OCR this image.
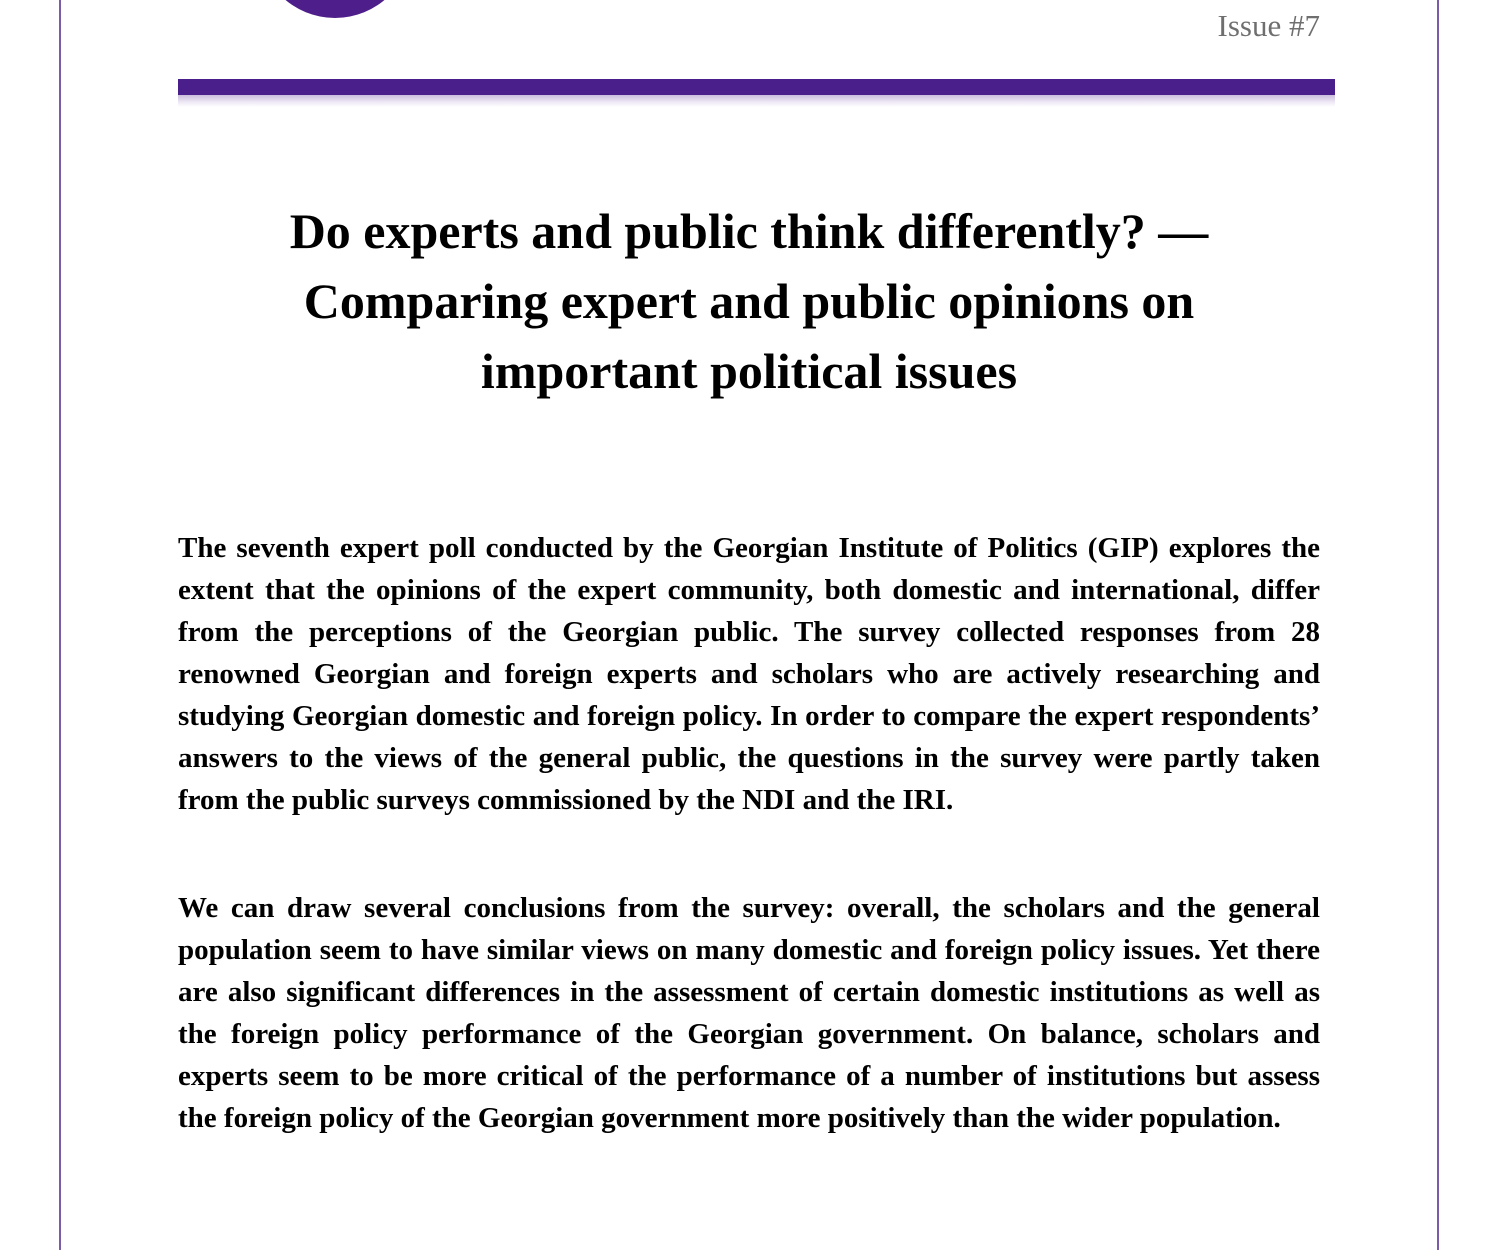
Issue #7
Do experts and public think differently? —
Comparing expert and public opinions on
important political issues

The seventh expert poll conducted by the Georgian Institute of Politics (GIP) explores the extent that the opinions of the expert community, both domestic and international, differ from the perceptions of the Georgian public. The survey collected responses from 28 renowned Georgian and foreign experts and scholars who are actively researching and studying Georgian domestic and foreign policy. In order to compare the expert respondents’ answers to the views of the general public, the questions in the survey were partly taken from the public surveys commissioned by the NDI and the IRI.

We can draw several conclusions from the survey: overall, the scholars and the general population seem to have similar views on many domestic and foreign policy issues. Yet there are also significant differences in the assessment of certain domestic institutions as well as the foreign policy performance of the Georgian government. On balance, scholars and experts seem to be more critical of the performance of a number of institutions but assess the foreign policy of the Georgian government more positively than the wider population.
